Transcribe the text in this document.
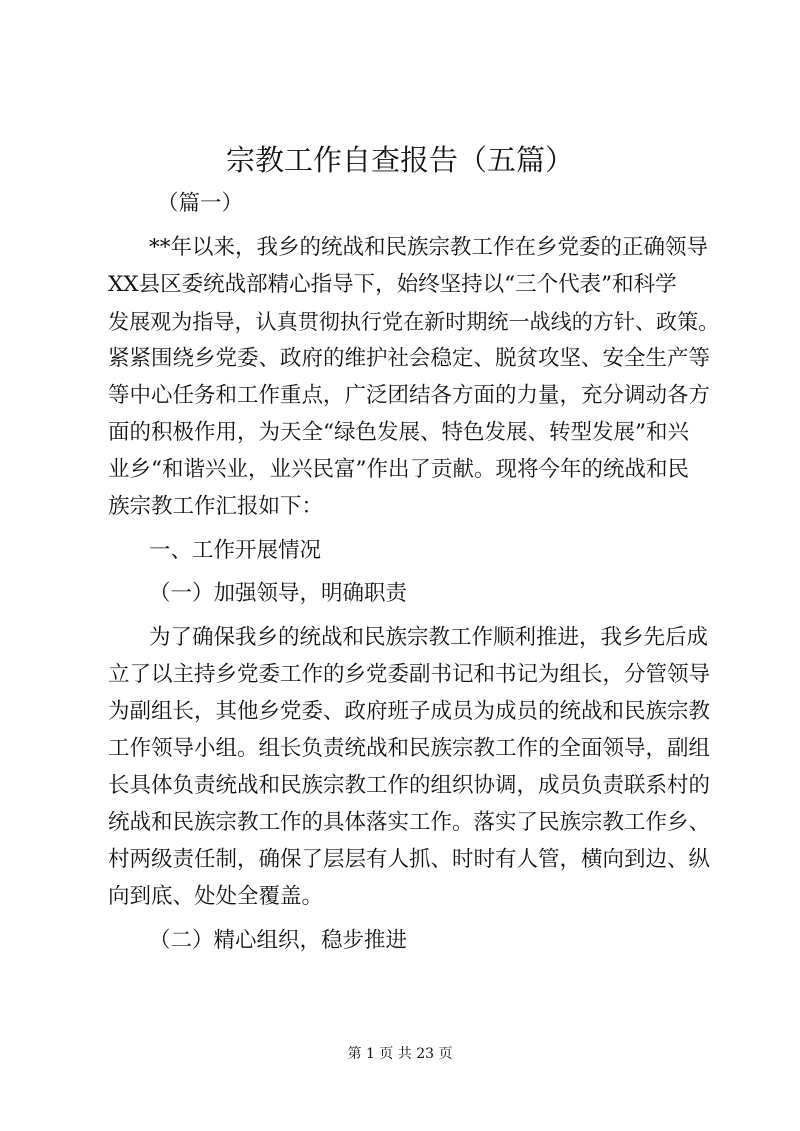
宗教工作自查报告（五篇）
（篇一）
**年以来，我乡的统战和民族宗教工作在乡党委的正确领导
XX县区委统战部精心指导下，始终坚持以“三个代表”和科学
发展观为指导，认真贯彻执行党在新时期统一战线的方针、政策。
紧紧围绕乡党委、政府的维护社会稳定、脱贫攻坚、安全生产等
等中心任务和工作重点，广泛团结各方面的力量，充分调动各方
面的积极作用，为天全“绿色发展、特色发展、转型发展”和兴
业乡“和谐兴业，业兴民富”作出了贡献。现将今年的统战和民
族宗教工作汇报如下：
一、工作开展情况
（一）加强领导，明确职责
为了确保我乡的统战和民族宗教工作顺利推进，我乡先后成
立了以主持乡党委工作的乡党委副书记和书记为组长，分管领导
为副组长，其他乡党委、政府班子成员为成员的统战和民族宗教
工作领导小组。组长负责统战和民族宗教工作的全面领导，副组
长具体负责统战和民族宗教工作的组织协调，成员负责联系村的
统战和民族宗教工作的具体落实工作。落实了民族宗教工作乡、
村两级责任制，确保了层层有人抓、时时有人管，横向到边、纵
向到底、处处全覆盖。
（二）精心组织，稳步推进
第 1 页 共 23 页
